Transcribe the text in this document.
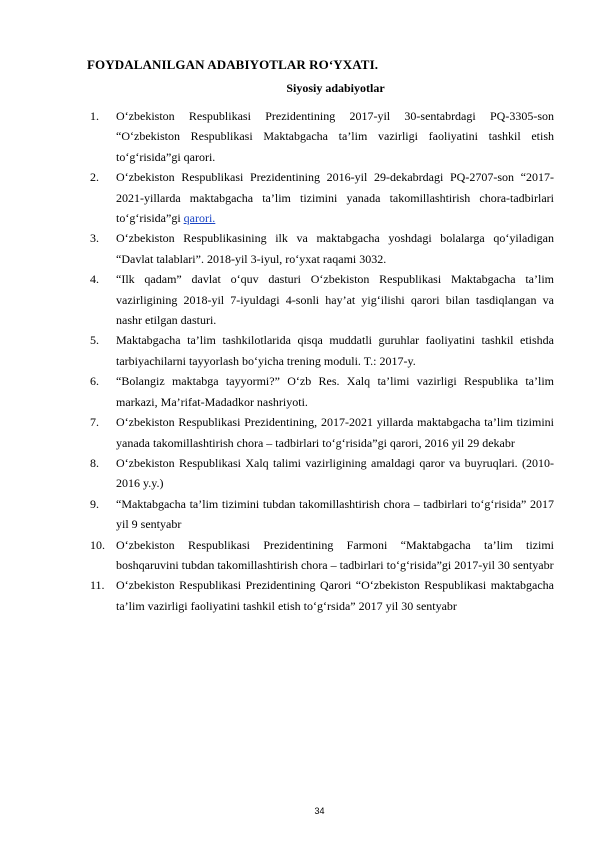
FOYDALANILGAN ADABIYOTLAR RO‘YXATI.
Siyosiy adabiyotlar
1. O‘zbekiston Respublikasi Prezidentining 2017-yil 30-sentabrdagi PQ-3305-son “O‘zbekiston Respublikasi Maktabgacha ta’lim vazirligi faoliyatini tashkil etish to‘g‘risida”gi qarori.
2. O‘zbekiston Respublikasi Prezidentining 2016-yil 29-dekabrdagi PQ-2707-son “2017-2021-yillarda maktabgacha ta’lim tizimini yanada takomillashtirish chora-tadbirlari to‘g‘risida”gi qarori.
3. O‘zbekiston Respublikasining ilk va maktabgacha yoshdagi bolalarga qo‘yiladigan “Davlat talablari”. 2018-yil 3-iyul, ro‘yxat raqami 3032.
4. “Ilk qadam” davlat o‘quv dasturi O‘zbekiston Respublikasi Maktabgacha ta’lim vazirligining 2018-yil 7-iyuldagi 4-sonli hay’at yig‘ilishi qarori bilan tasdiqlangan va nashr etilgan dasturi.
5. Maktabgacha ta’lim tashkilotlarida qisqa muddatli guruhlar faoliyatini tashkil etishda tarbiyachilarni tayyorlash bo‘yicha trening moduli. T.: 2017-y.
6. “Bolangiz maktabga tayyormi?” O‘zb Res. Xalq ta’limi vazirligi Respublika ta’lim markazi, Ma’rifat-Madadkor nashriyoti.
7. O‘zbekiston Respublikasi Prezidentining, 2017-2021 yillarda maktabgacha ta’lim tizimini yanada takomillashtirish chora – tadbirlari to‘g‘risida”gi qarori, 2016 yil 29 dekabr
8. O‘zbekiston Respublikasi Xalq talimi vazirligining amaldagi qaror va buyruqlari. (2010-2016 y.y.)
9. “Maktabgacha ta’lim tizimini tubdan takomillashtirish chora – tadbirlari to‘g‘risida” 2017 yil 9 sentyabr
10. O‘zbekiston Respublikasi Prezidentining Farmoni “Maktabgacha ta’lim tizimi boshqaruvini tubdan takomillashtirish chora – tadbirlari to‘g‘risida”gi 2017-yil 30 sentyabr
11. O‘zbekiston Respublikasi Prezidentining Qarori “O‘zbekiston Respublikasi maktabgacha ta’lim vazirligi faoliyatini tashkil etish to‘g‘rsida” 2017 yil 30 sentyabr
34
